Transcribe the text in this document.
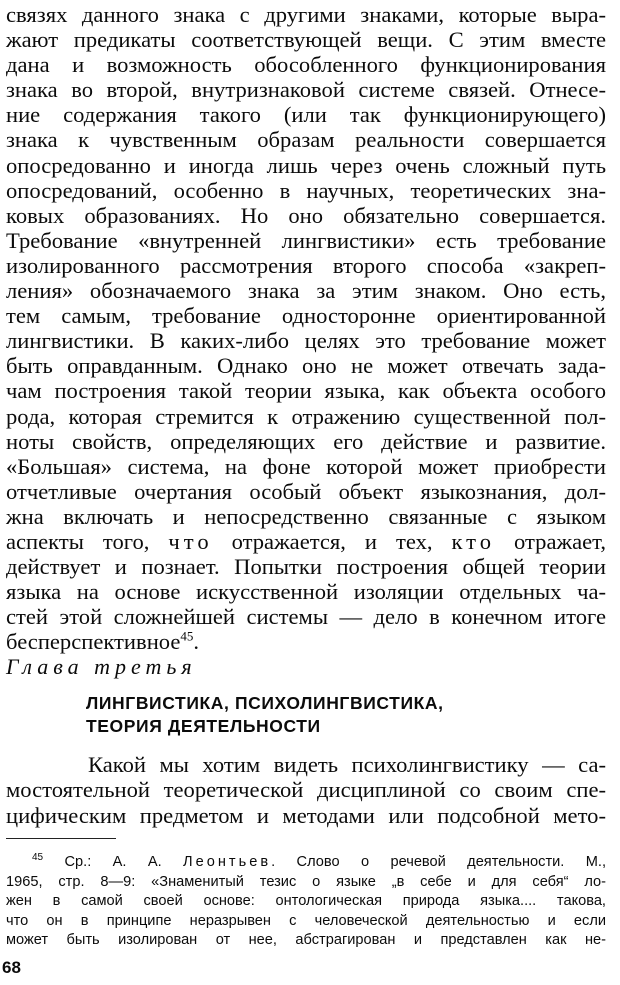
связях данного знака с другими знаками, которые выра-
жают предикаты соответствующей вещи. С этим вместе
дана и возможность обособленного функционирования
знака во второй, внутризнаковой системе связей. Отнесе-
ние содержания такого (или так функционирующего)
знака к чувственным образам реальности совершается
опосредованно и иногда лишь через очень сложный путь
опосредований, особенно в научных, теоретических зна-
ковых образованиях. Но оно обязательно совершается.
Требование «внутренней лингвистики» есть требование
изолированного рассмотрения второго способа «закреп-
ления» обозначаемого знака за этим знаком. Оно есть,
тем самым, требование односторонне ориентированной
лингвистики. В каких-либо целях это требование может
быть оправданным. Однако оно не может отвечать зада-
чам построения такой теории языка, как объекта особого
рода, которая стремится к отражению существенной пол-
ноты свойств, определяющих его действие и развитие.
«Большая» система, на фоне которой может приобрести
отчетливые очертания особый объект языкознания, дол-
жна включать и непосредственно связанные с языком
аспекты того, что отражается, и тех, кто отражает,
действует и познает. Попытки построения общей теории
языка на основе искусственной изоляции отдельных ча-
стей этой сложнейшей системы — дело в конечном итоге
бесперспективное$^{45}$.
Глава третья
ЛИНГВИСТИКА, ПСИХОЛИНГВИСТИКА,
ТЕОРИЯ ДЕЯТЕЛЬНОСТИ
Какой мы хотим видеть психолингвистику — са-
мостоятельной теоретической дисциплиной со своим спе-
цифическим предметом и методами или подсобной мето-
$^{45}$ Ср.: А. А. Леонтьев. Слово о речевой деятельности. М.,
1965, стр. 8—9: «Знаменитый тезис о языке „в себе и для себя“ ло-
жен в самой своей основе: онтологическая природа языка.... такова,
что он в принципе неразрывен с человеческой деятельностью и если
может быть изолирован от нее, абстрагирован и представлен как не-
68
